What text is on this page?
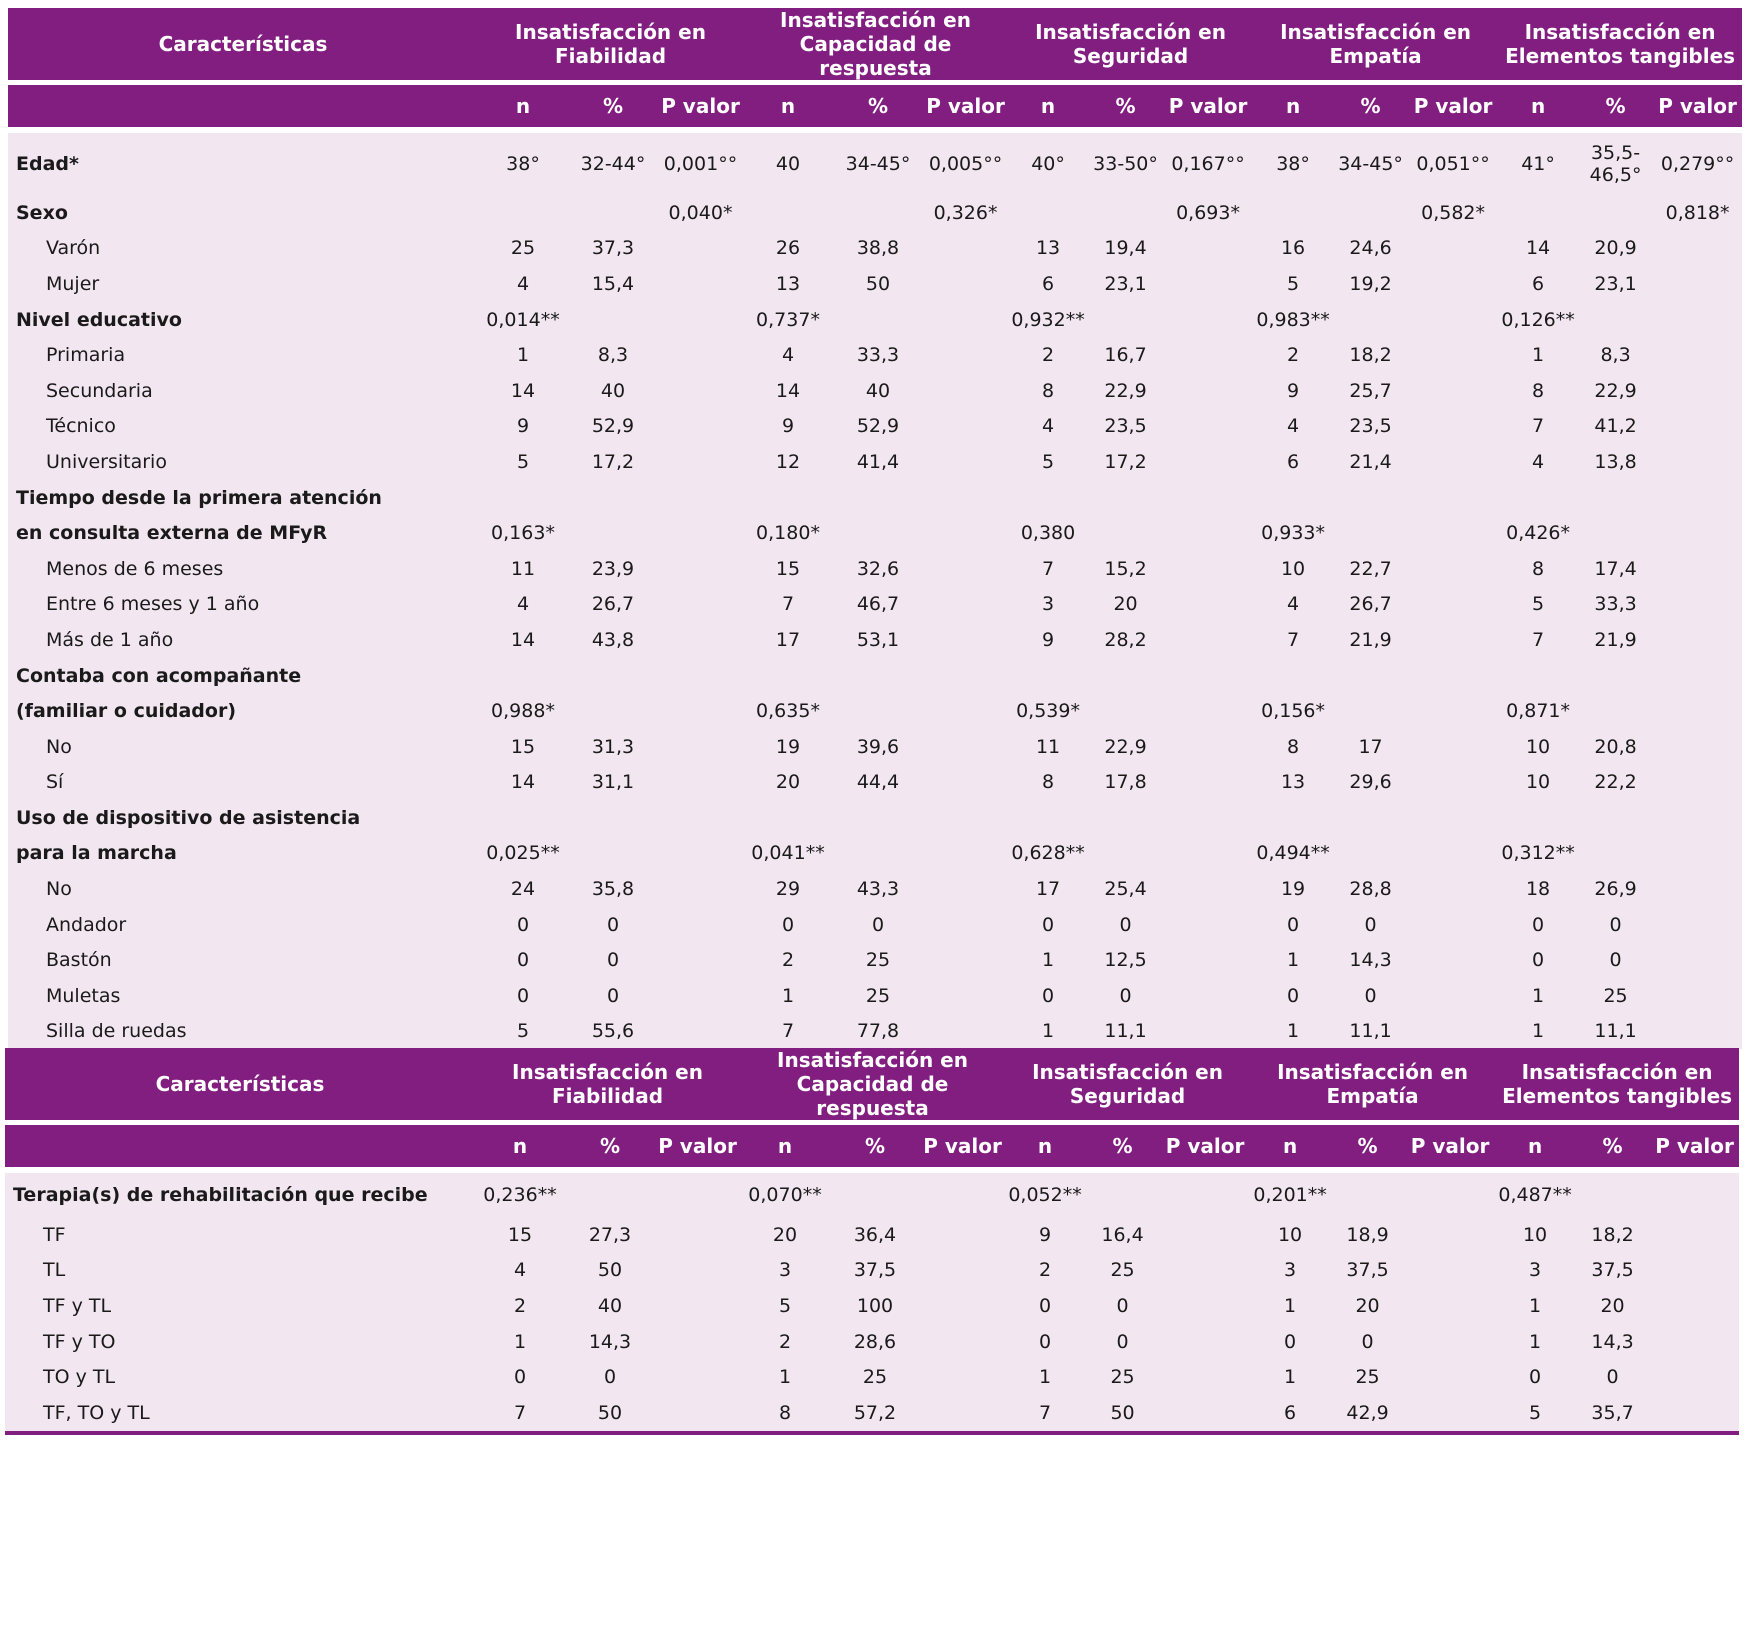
Características	Insatisfacción en Fiabilidad			Insatisfacción en Capacidad de respuesta			Insatisfacción en Seguridad			Insatisfacción en Empatía			Insatisfacción en Elementos tangibles		

	n	%	P valor	n	%	P valor	n	%	P valor	n	%	P valor	n	%	P valor

Edad*	38°	32-44°	0,001°°	40	34-45°	0,005°°	40°	33-50°	0,167°°	38°	34-45°	0,051°°	41°	35,5-46,5°	0,279°°
Sexo			0,040*			0,326*			0,693*			0,582*			0,818*
Varón	25	37,3		26	38,8		13	19,4		16	24,6		14	20,9	
Mujer	4	15,4		13	50		6	23,1		5	19,2		6	23,1	
Nivel educativo	0,014**			0,737*			0,932**			0,983**			0,126**		
Primaria	1	8,3		4	33,3		2	16,7		2	18,2		1	8,3	
Secundaria	14	40		14	40		8	22,9		9	25,7		8	22,9	
Técnico	9	52,9		9	52,9		4	23,5		4	23,5		7	41,2	
Universitario	5	17,2		12	41,4		5	17,2		6	21,4		4	13,8	
Tiempo desde la primera atención															
en consulta externa de MFyR	0,163*			0,180*			0,380			0,933*			0,426*		
Menos de 6 meses	11	23,9		15	32,6		7	15,2		10	22,7		8	17,4	
Entre 6 meses y 1 año	4	26,7		7	46,7		3	20		4	26,7		5	33,3	
Más de 1 año	14	43,8		17	53,1		9	28,2		7	21,9		7	21,9	
Contaba con acompañante															
(familiar o cuidador)	0,988*			0,635*			0,539*			0,156*			0,871*		
No	15	31,3		19	39,6		11	22,9		8	17		10	20,8	
Sí	14	31,1		20	44,4		8	17,8		13	29,6		10	22,2	
Uso de dispositivo de asistencia															
para la marcha	0,025**			0,041**			0,628**			0,494**			0,312**		
No	24	35,8		29	43,3		17	25,4		19	28,8		18	26,9	
Andador	0	0		0	0		0	0		0	0		0	0	
Bastón	0	0		2	25		1	12,5		1	14,3		0	0	
Muletas	0	0		1	25		0	0		0	0		1	25	
Silla de ruedas	5	55,6		7	77,8		1	11,1		1	11,1		1	11,1	
Características	Insatisfacción en Fiabilidad			Insatisfacción en Capacidad de respuesta			Insatisfacción en Seguridad			Insatisfacción en Empatía			Insatisfacción en Elementos tangibles		

	n	%	P valor	n	%	P valor	n	%	P valor	n	%	P valor	n	%	P valor

Terapia(s) de rehabilitación que recibe	0,236**			0,070**			0,052**			0,201**			0,487**		
TF	15	27,3		20	36,4		9	16,4		10	18,9		10	18,2	
TL	4	50		3	37,5		2	25		3	37,5		3	37,5	
TF y TL	2	40		5	100		0	0		1	20		1	20	
TF y TO	1	14,3		2	28,6		0	0		0	0		1	14,3	
TO y TL	0	0		1	25		1	25		1	25		0	0	
TF, TO y TL	7	50		8	57,2		7	50		6	42,9		5	35,7	
